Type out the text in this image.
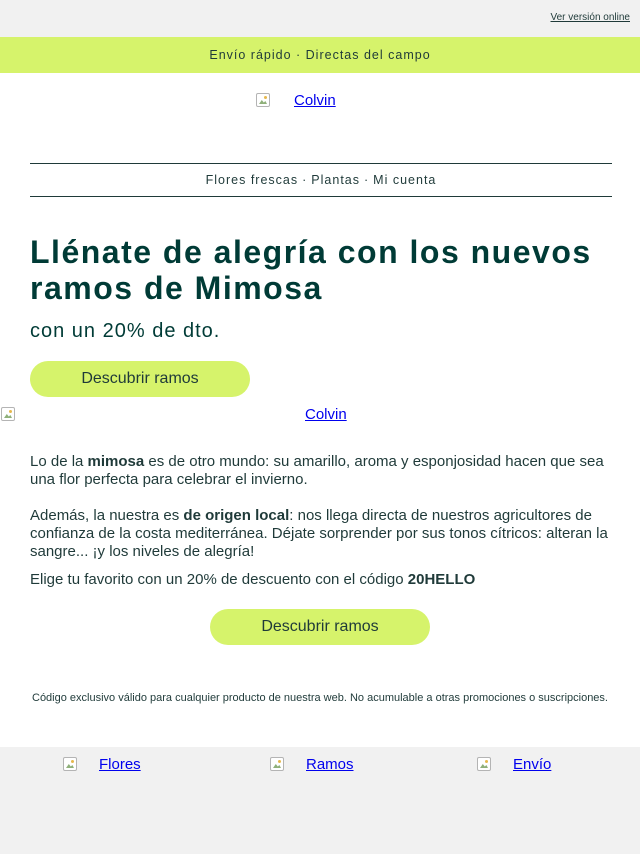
Ver versión online
Envío rápido · Directas del campo
Colvin
Flores frescas · Plantas · Mi cuenta
Llénate de alegría con los nuevos ramos de Mimosa

con un 20% de dto.

Descubrir ramos
Colvin

Lo de la mimosa es de otro mundo: su amarillo, aroma y esponjosidad hacen que sea una flor perfecta para celebrar el invierno.

Además, la nuestra es de origen local: nos llega directa de nuestros agricultores de confianza de la costa mediterránea. Déjate sorprender por sus tonos cítricos: alteran la sangre... ¡y los niveles de alegría!

Elige tu favorito con un 20% de descuento con el código 20HELLO

Descubrir ramos
Código exclusivo válido para cualquier producto de nuestra web. No acumulable a otras promociones o suscripciones.
Flores	Ramos	Envío
